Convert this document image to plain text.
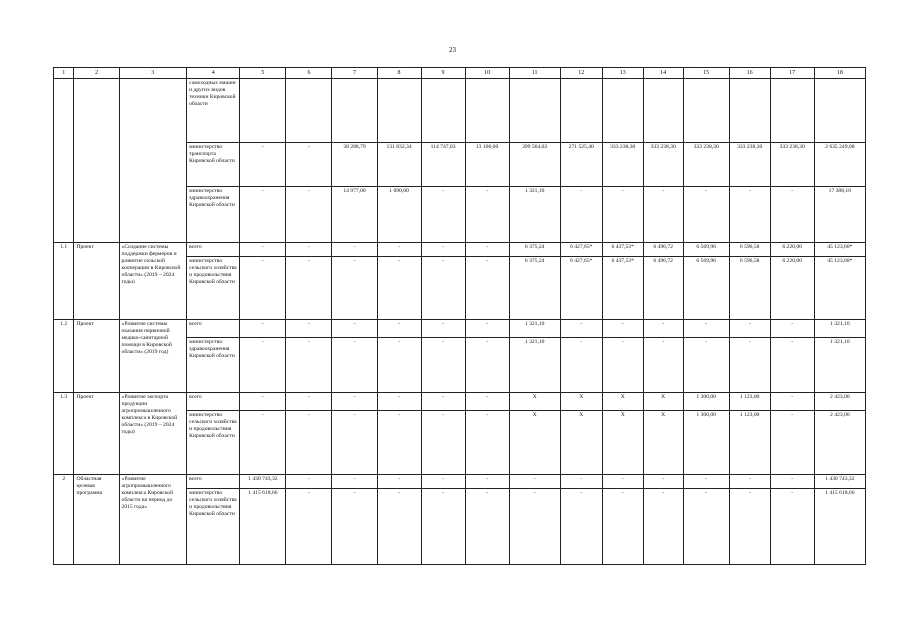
23
1	2	3	4	5	6	7	8	9	10	11	12	13	14	15	16	17	18
			самоходных машин и других видов техники Кировской области														
			министерство транспорта Кировской области	-	-	38 288,79	131 832,34	114 747,03	13 100,00	399 564,02	271 525,40	333 238,30	333 238,30	333 238,30	333 238,30	333 238,30	2 635 249,08
			министерство здравоохранения Кировской области	-	-	14 977,00	1 090,00	-	-	1 321,10	-	-	-	-	-	-	17 388,10
1.1	Проект	«Создание системы поддержки фермеров и развитие сельской кооперации в Кировской области» (2019 – 2024 годы)	всего	-	-	-	-	-	-	6 375,24	6 427,65*	6 437,53*	6 496,72	6 569,96	6 596,58	6 220,00	45 123,68*
			министерство сельского хозяйства и продовольствия Кировской области	-	-	-	-	-	-	6 375,24	6 427,65*	6 437,53*	6 496,72	6 569,96	6 596,58	6 220,00	45 123,68*
1.2	Проект	«Развитие системы оказания первичной медико-санитарной помощи в Кировской области» (2019 год)	всего	-	-	-	-	-	-	1 321,10	-	-	-	-	-	-	1 321,10
			министерство здравоохранения Кировской области	-	-	-	-	-	-	1 321,10	-	-	-	-	-	-	1 321,10
1.3	Проект	«Развитие экспорта продукции агропромышленного комплекса в Кировской области» (2019 – 2024 годы)	всего	-	-	-	-	-	-	X	X	X	X	1 300,00	1 123,00	-	2 423,00
			министерство сельского хозяйства и продовольствия Кировской области	-	-	-	-	-	-	X	X	X	X	1 300,00	1 123,00	-	2 423,00
2	Областная целевая программа	«Развитие агропромышленного комплекса Кировской области на период до 2015 года»	всего	1 430 743,32	-	-	-	-	-	-	-	-	-	-	-	-	1 430 743,32
			министерство сельского хозяйства и продовольствия Кировской области	1 415 618,66	-	-	-	-	-	-	-	-	-	-	-	-	1 415 618,66
